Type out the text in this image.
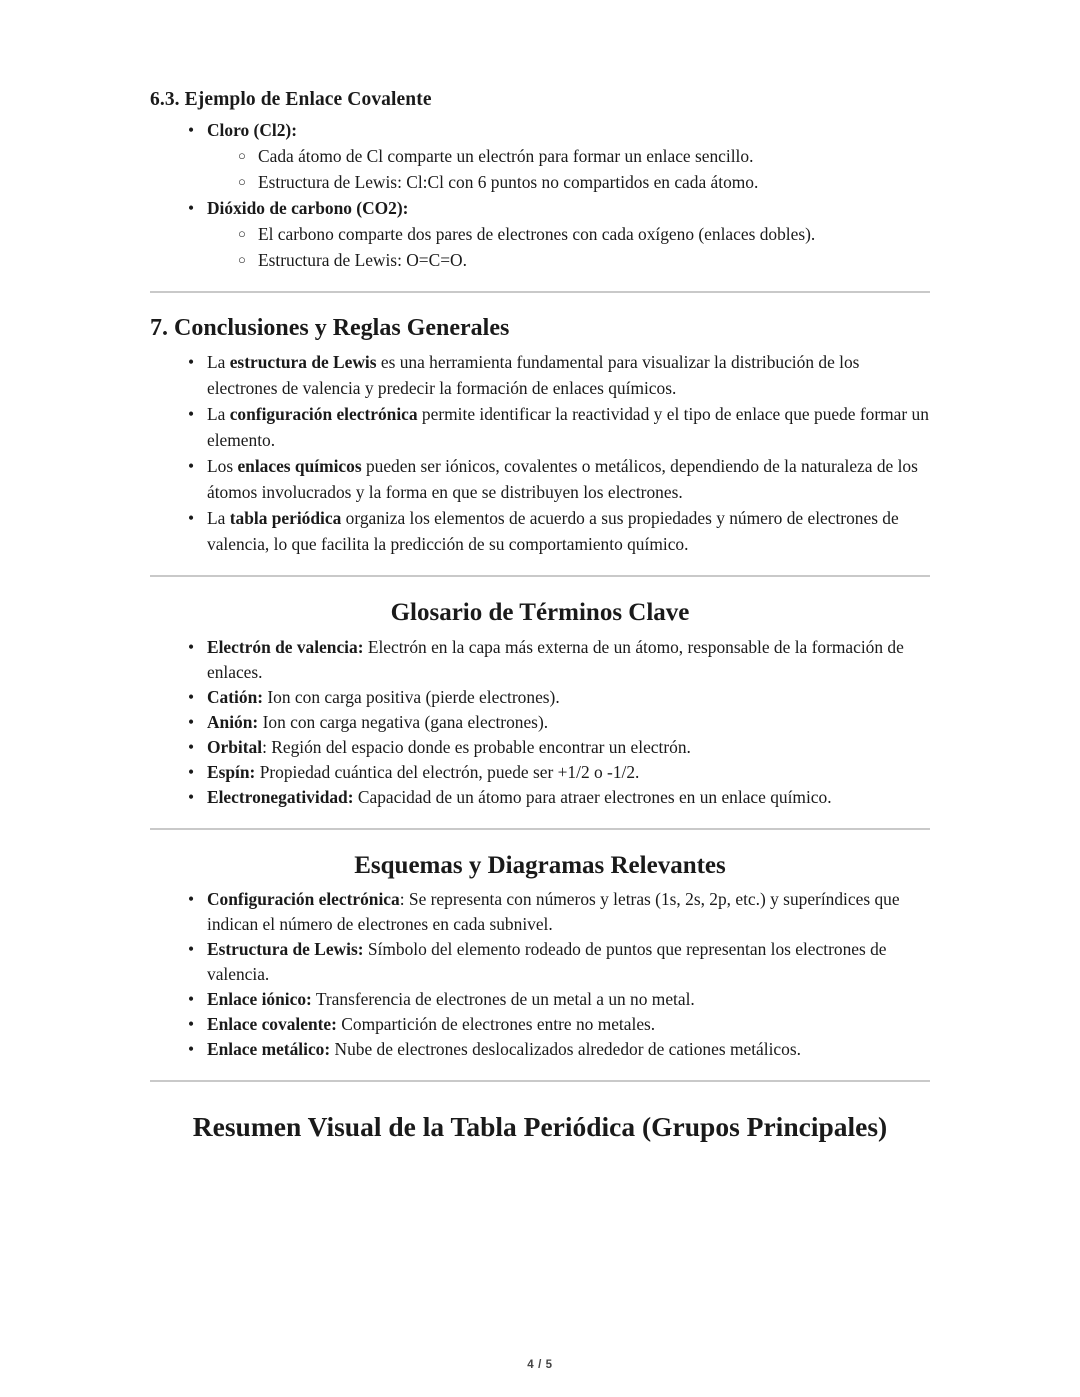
6.3. Ejemplo de Enlace Covalente
• Cloro (Cl2):
○ Cada átomo de Cl comparte un electrón para formar un enlace sencillo.
○ Estructura de Lewis: Cl:Cl con 6 puntos no compartidos en cada átomo.
• Dióxido de carbono (CO2):
○ El carbono comparte dos pares de electrones con cada oxígeno (enlaces dobles).
○ Estructura de Lewis: O=C=O.
7. Conclusiones y Reglas Generales
• La estructura de Lewis es una herramienta fundamental para visualizar la distribución de los electrones de valencia y predecir la formación de enlaces químicos.
• La configuración electrónica permite identificar la reactividad y el tipo de enlace que puede formar un elemento.
• Los enlaces químicos pueden ser iónicos, covalentes o metálicos, dependiendo de la naturaleza de los átomos involucrados y la forma en que se distribuyen los electrones.
• La tabla periódica organiza los elementos de acuerdo a sus propiedades y número de electrones de valencia, lo que facilita la predicción de su comportamiento químico.
Glosario de Términos Clave
• Electrón de valencia: Electrón en la capa más externa de un átomo, responsable de la formación de enlaces.
• Catión: Ion con carga positiva (pierde electrones).
• Anión: Ion con carga negativa (gana electrones).
• Orbital: Región del espacio donde es probable encontrar un electrón.
• Espín: Propiedad cuántica del electrón, puede ser +1/2 o -1/2.
• Electronegatividad: Capacidad de un átomo para atraer electrones en un enlace químico.
Esquemas y Diagramas Relevantes
• Configuración electrónica: Se representa con números y letras (1s, 2s, 2p, etc.) y superíndices que indican el número de electrones en cada subnivel.
• Estructura de Lewis: Símbolo del elemento rodeado de puntos que representan los electrones de valencia.
• Enlace iónico: Transferencia de electrones de un metal a un no metal.
• Enlace covalente: Compartición de electrones entre no metales.
• Enlace metálico: Nube de electrones deslocalizados alrededor de cationes metálicos.
Resumen Visual de la Tabla Periódica (Grupos Principales)
4 / 5
